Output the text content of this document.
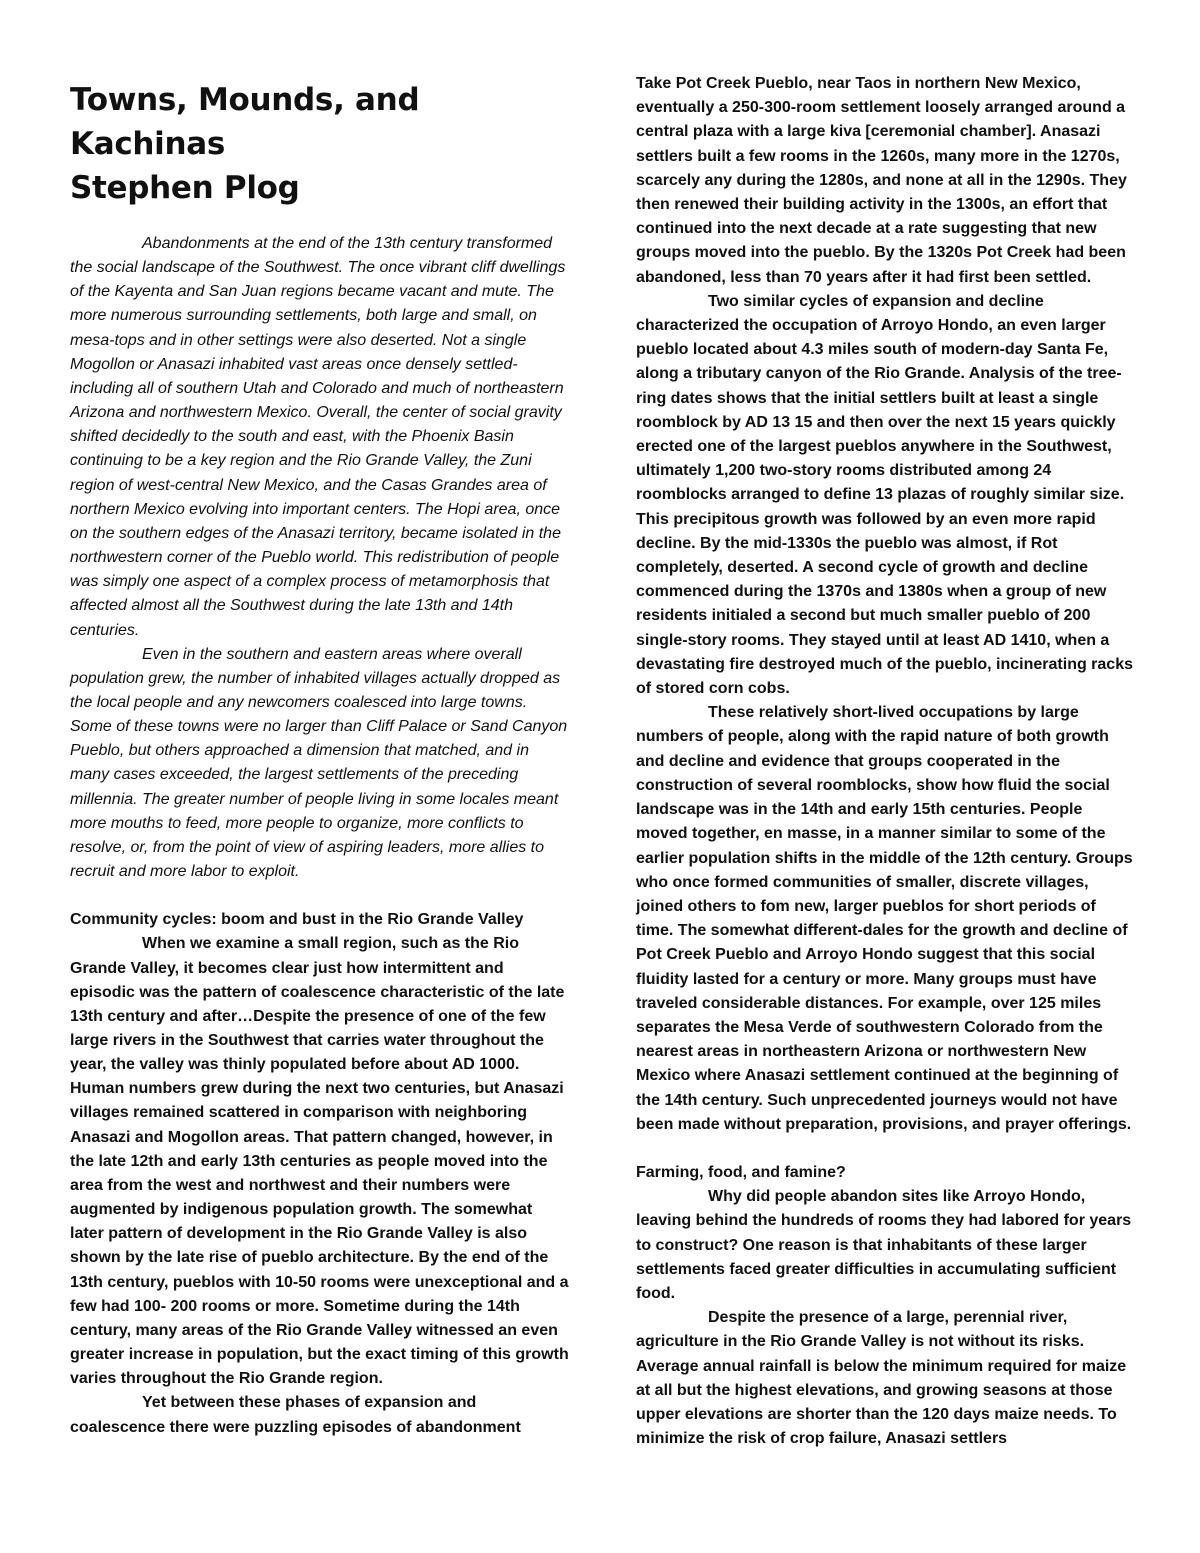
Towns, Mounds, and Kachinas
Stephen Plog

Abandonments at the end of the 13th century transformed the social landscape of the Southwest. The once vibrant cliff dwellings of the Kayenta and San Juan regions became vacant and mute. The more numerous surrounding settlements, both large and small, on mesa-tops and in other settings were also deserted. Not a single Mogollon or Anasazi inhabited vast areas once densely settled-including all of southern Utah and Colorado and much of northeastern Arizona and northwestern Mexico. Overall, the center of social gravity shifted decidedly to the south and east, with the Phoenix Basin continuing to be a key region and the Rio Grande Valley, the Zuni region of west-central New Mexico, and the Casas Grandes area of northern Mexico evolving into important centers. The Hopi area, once on the southern edges of the Anasazi territory, became isolated in the northwestern corner of the Pueblo world. This redistribution of people was simply one aspect of a complex process of metamorphosis that affected almost all the Southwest during the late 13th and 14th centuries.

Even in the southern and eastern areas where overall population grew, the number of inhabited villages actually dropped as the local people and any newcomers coalesced into large towns. Some of these towns were no larger than Cliff Palace or Sand Canyon Pueblo, but others approached a dimension that matched, and in many cases exceeded, the largest settlements of the preceding millennia. The greater number of people living in some locales meant more mouths to feed, more people to organize, more conflicts to resolve, or, from the point of view of aspiring leaders, more allies to recruit and more labor to exploit.

Community cycles: boom and bust in the Rio Grande Valley

When we examine a small region, such as the Rio Grande Valley, it becomes clear just how intermittent and episodic was the pattern of coalescence characteristic of the late 13th century and after…Despite the presence of one of the few large rivers in the Southwest that carries water throughout the year, the valley was thinly populated before about AD 1000. Human numbers grew during the next two centuries, but Anasazi villages remained scattered in comparison with neighboring Anasazi and Mogollon areas. That pattern changed, however, in the late 12th and early 13th centuries as people moved into the area from the west and northwest and their numbers were augmented by indigenous population growth. The somewhat later pattern of development in the Rio Grande Valley is also shown by the late rise of pueblo architecture. By the end of the 13th century, pueblos with 10-50 rooms were unexceptional and a few had 100- 200 rooms or more. Sometime during the 14th century, many areas of the Rio Grande Valley witnessed an even greater increase in population, but the exact timing of this growth varies throughout the Rio Grande region.

Yet between these phases of expansion and coalescence there were puzzling episodes of abandonment

Take Pot Creek Pueblo, near Taos in northern New Mexico, eventually a 250-300-room settlement loosely arranged around a central plaza with a large kiva [ceremonial chamber]. Anasazi settlers built a few rooms in the 1260s, many more in the 1270s, scarcely any during the 1280s, and none at all in the 1290s. They then renewed their building activity in the 1300s, an effort that continued into the next decade at a rate suggesting that new groups moved into the pueblo. By the 1320s Pot Creek had been abandoned, less than 70 years after it had first been settled.

Two similar cycles of expansion and decline characterized the occupation of Arroyo Hondo, an even larger pueblo located about 4.3 miles south of modern-day Santa Fe, along a tributary canyon of the Rio Grande. Analysis of the tree-ring dates shows that the initial settlers built at least a single roomblock by AD 13 15 and then over the next 15 years quickly erected one of the largest pueblos anywhere in the Southwest, ultimately 1,200 two-story rooms distributed among 24 roomblocks arranged to define 13 plazas of roughly similar size. This precipitous growth was followed by an even more rapid decline. By the mid-1330s the pueblo was almost, if Rot completely, deserted. A second cycle of growth and decline commenced during the 1370s and 1380s when a group of new residents initialed a second but much smaller pueblo of 200 single-story rooms. They stayed until at least AD 1410, when a devastating fire destroyed much of the pueblo, incinerating racks of stored corn cobs.

These relatively short-lived occupations by large numbers of people, along with the rapid nature of both growth and decline and evidence that groups cooperated in the construction of several roomblocks, show how fluid the social landscape was in the 14th and early 15th centuries. People moved together, en masse, in a manner similar to some of the earlier population shifts in the middle of the 12th century. Groups who once formed communities of smaller, discrete villages, joined others to fom new, larger pueblos for short periods of time. The somewhat different-dales for the growth and decline of Pot Creek Pueblo and Arroyo Hondo suggest that this social fluidity lasted for a century or more. Many groups must have traveled considerable distances. For example, over 125 miles separates the Mesa Verde of southwestern Colorado from the nearest areas in northeastern Arizona or northwestern New Mexico where Anasazi settlement continued at the beginning of the 14th century. Such unprecedented journeys would not have been made without preparation, provisions, and prayer offerings.

Farming, food, and famine?

Why did people abandon sites like Arroyo Hondo, leaving behind the hundreds of rooms they had labored for years to construct? One reason is that inhabitants of these larger settlements faced greater difficulties in accumulating sufficient food.

Despite the presence of a large, perennial river, agriculture in the Rio Grande Valley is not without its risks. Average annual rainfall is below the minimum required for maize at all but the highest elevations, and growing seasons at those upper elevations are shorter than the 120 days maize needs. To minimize the risk of crop failure, Anasazi settlers
